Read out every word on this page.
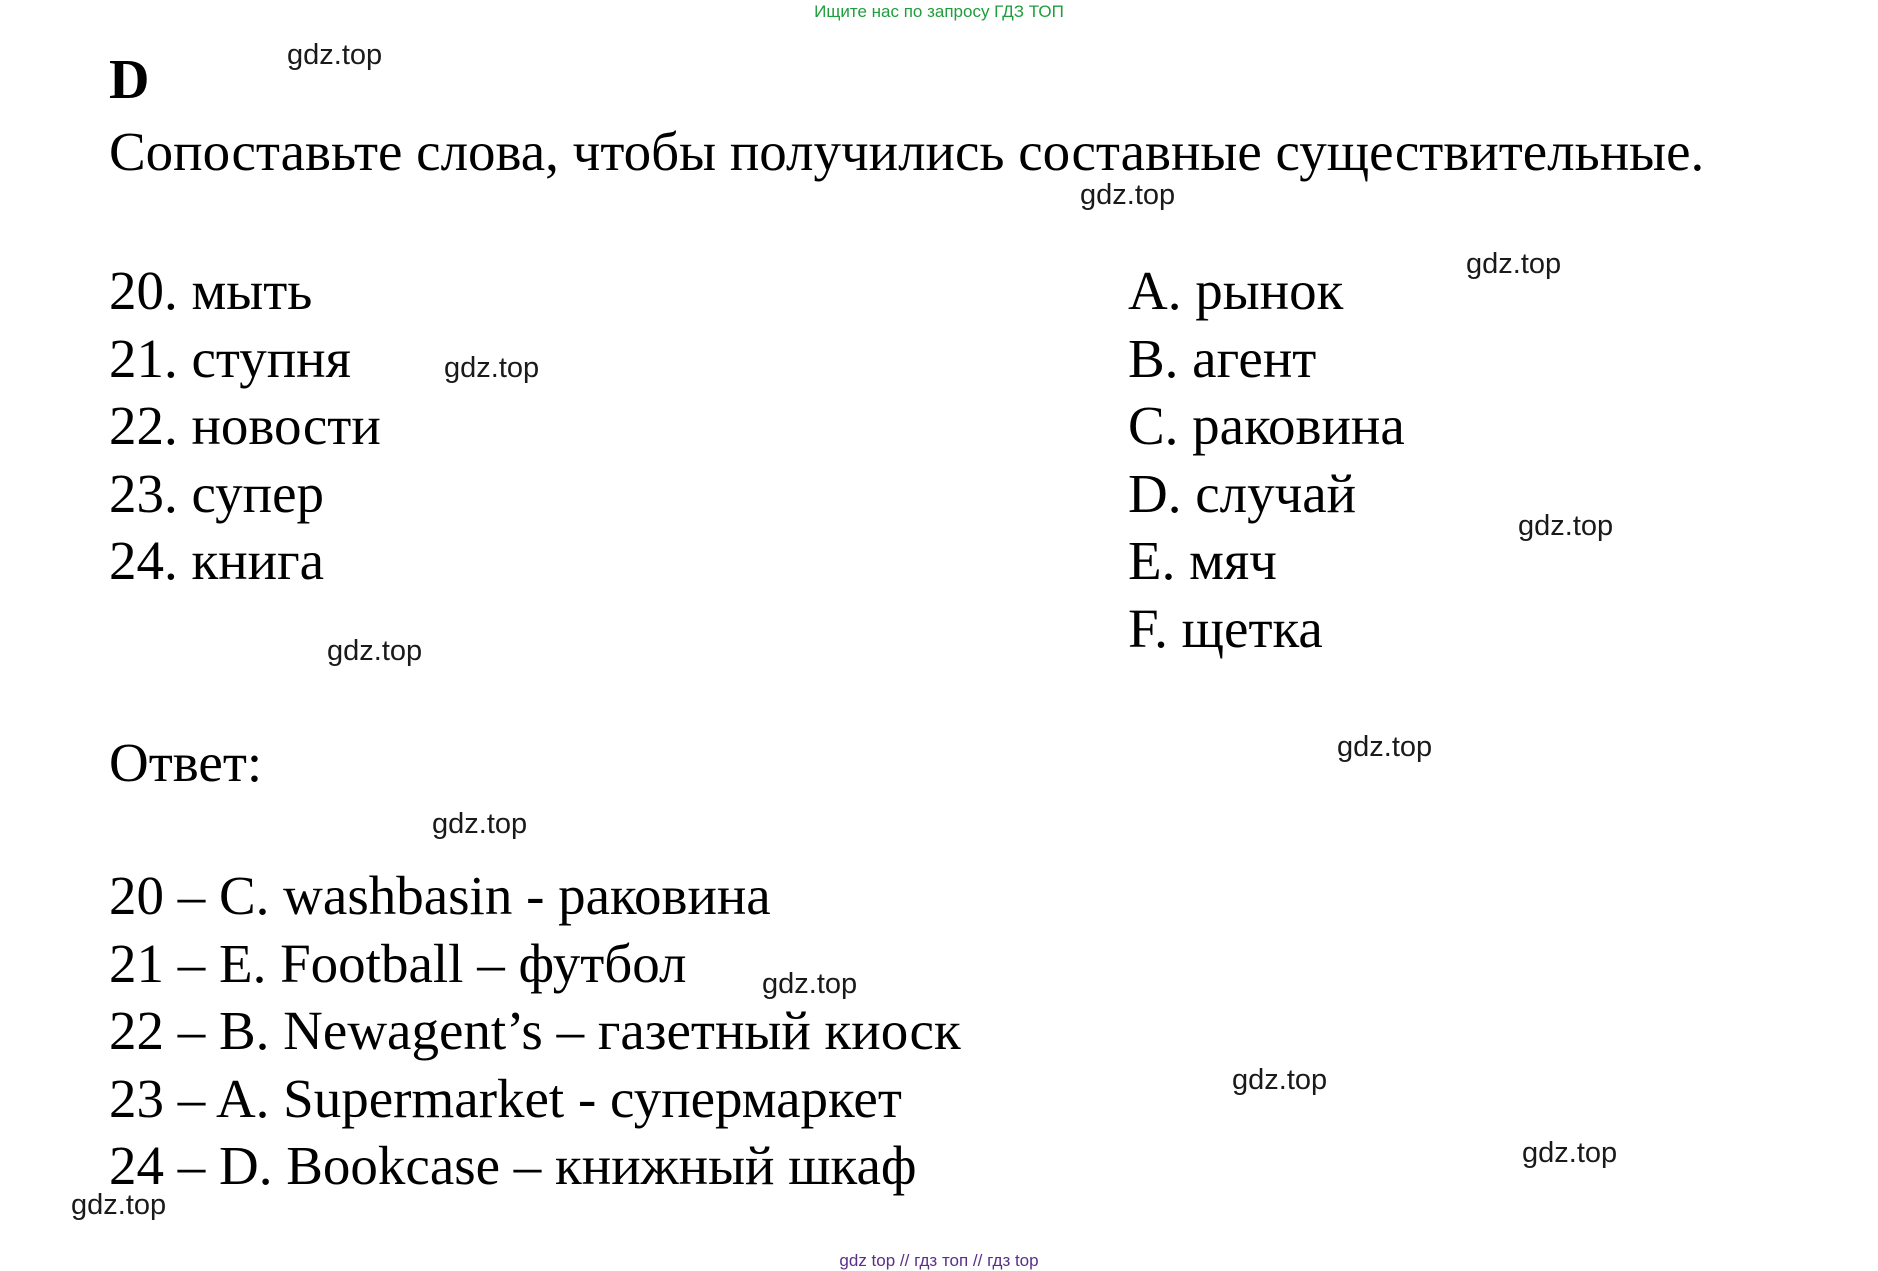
Ищите нас по запросу ГДЗ ТОП
D
Сопоставьте слова, чтобы получились составные существительные.
20. мыть
21. ступня
22. новости
23. супер
24. книга
A. рынок
B. агент
C. раковина
D. случай
E. мяч
F. щетка
Ответ:
20 – C. washbasin - раковина
21 – E. Football – футбол
22 – B. Newagent’s – газетный киоск
23 – A. Supermarket - супермаркет
24 – D. Bookcase – книжный шкаф
gdz.top
gdz.top
gdz.top
gdz.top
gdz.top
gdz.top
gdz.top
gdz.top
gdz.top
gdz.top
gdz.top
gdz.top
gdz top // гдз топ // гдз top
